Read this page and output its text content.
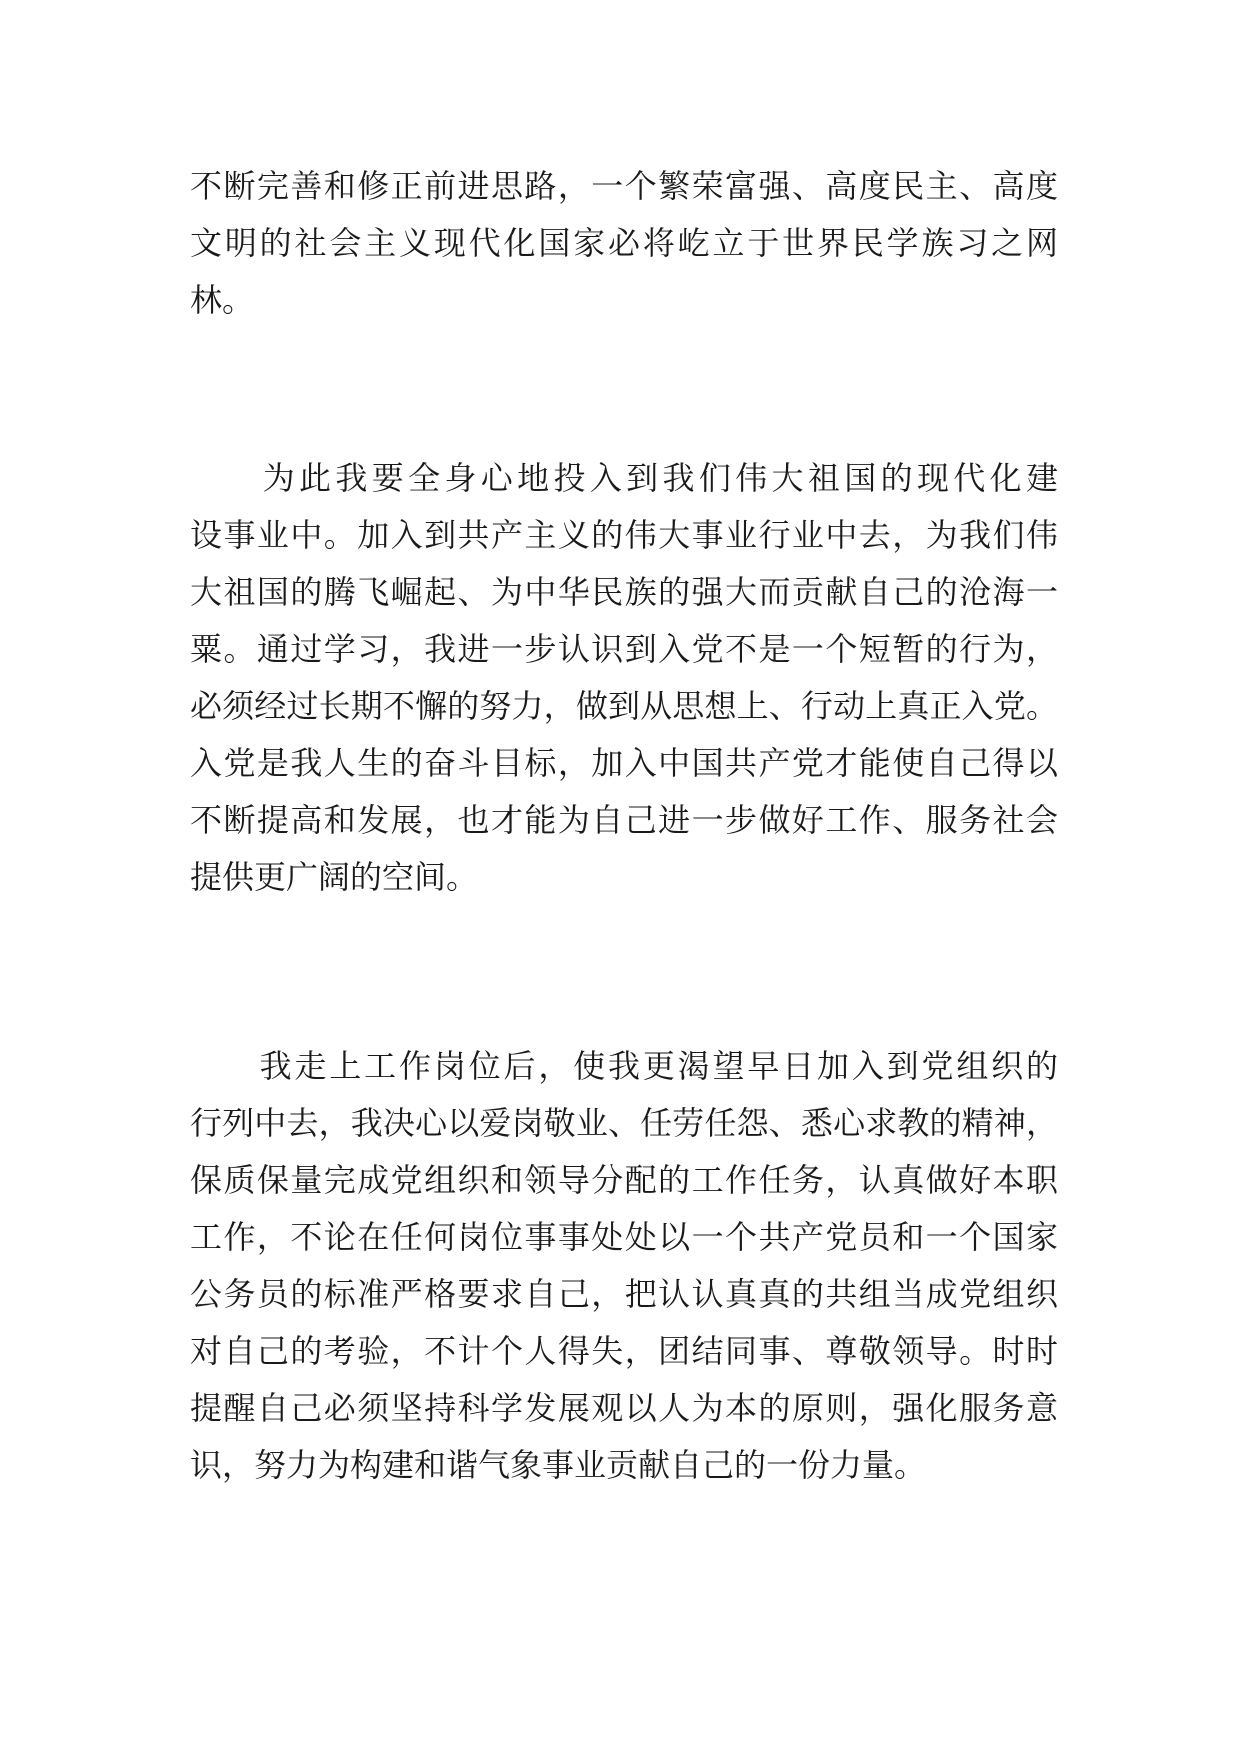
不断完善和修正前进思路，一个繁荣富强、高度民主、高度
文明的社会主义现代化国家必将屹立于世界民学族习之网
林。
　　为此我要全身心地投入到我们伟大祖国的现代化建
设事业中。加入到共产主义的伟大事业行业中去，为我们伟
大祖国的腾飞崛起、为中华民族的强大而贡献自己的沧海一
粟。通过学习，我进一步认识到入党不是一个短暂的行为，
必须经过长期不懈的努力，做到从思想上、行动上真正入党。
入党是我人生的奋斗目标，加入中国共产党才能使自己得以
不断提高和发展，也才能为自己进一步做好工作、服务社会
提供更广阔的空间。
　　我走上工作岗位后，使我更渴望早日加入到党组织的
行列中去，我决心以爱岗敬业、任劳任怨、悉心求教的精神，
保质保量完成党组织和领导分配的工作任务，认真做好本职
工作，不论在任何岗位事事处处以一个共产党员和一个国家
公务员的标准严格要求自己，把认认真真的共组当成党组织
对自己的考验，不计个人得失，团结同事、尊敬领导。时时
提醒自己必须坚持科学发展观以人为本的原则，强化服务意
识，努力为构建和谐气象事业贡献自己的一份力量。
